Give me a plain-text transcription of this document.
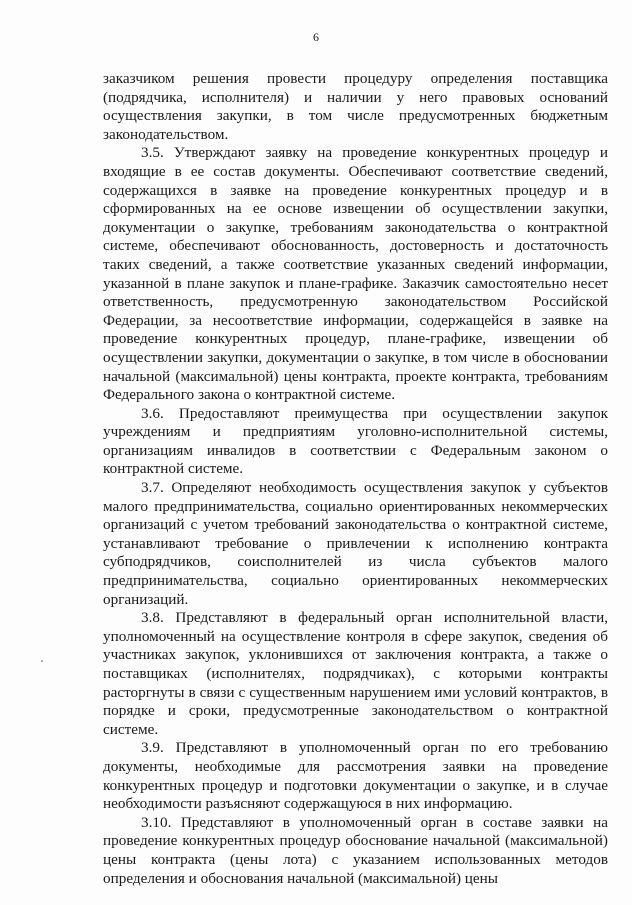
6

заказчиком решения провести процедуру определения поставщика (подрядчика, исполнителя) и наличии у него правовых оснований осуществления закупки, в том числе предусмотренных бюджетным законодательством.

3.5. Утверждают заявку на проведение конкурентных процедур и входящие в ее состав документы. Обеспечивают соответствие сведений, содержащихся в заявке на проведение конкурентных процедур и в сформированных на ее основе извещении об осуществлении закупки, документации о закупке, требованиям законодательства о контрактной системе, обеспечивают обоснованность, достоверность и достаточность таких сведений, а также соответствие указанных сведений информации, указанной в плане закупок и плане-графике. Заказчик самостоятельно несет ответственность, предусмотренную законодательством Российской Федерации, за несоответствие информации, содержащейся в заявке на проведение конкурентных процедур, плане-графике, извещении об осуществлении закупки, документации о закупке, в том числе в обосновании начальной (максимальной) цены контракта, проекте контракта, требованиям Федерального закона о контрактной системе.

3.6. Предоставляют преимущества при осуществлении закупок учреждениям и предприятиям уголовно-исполнительной системы, организациям инвалидов в соответствии с Федеральным законом о контрактной системе.

3.7. Определяют необходимость осуществления закупок у субъектов малого предпринимательства, социально ориентированных некоммерческих организаций с учетом требований законодательства о контрактной системе, устанавливают требование о привлечении к исполнению контракта субподрядчиков, соисполнителей из числа субъектов малого предпринимательства, социально ориентированных некоммерческих организаций.

3.8. Представляют в федеральный орган исполнительной власти, уполномоченный на осуществление контроля в сфере закупок, сведения об участниках закупок, уклонившихся от заключения контракта, а также о поставщиках (исполнителях, подрядчиках), с которыми контракты расторгнуты в связи с существенным нарушением ими условий контрактов, в порядке и сроки, предусмотренные законодательством о контрактной системе.

3.9. Представляют в уполномоченный орган по его требованию документы, необходимые для рассмотрения заявки на проведение конкурентных процедур и подготовки документации о закупке, и в случае необходимости разъясняют содержащуюся в них информацию.

3.10. Представляют в уполномоченный орган в составе заявки на проведение конкурентных процедур обоснование начальной (максимальной) цены контракта (цены лота) с указанием использованных методов определения и обоснования начальной (максимальной) цены
